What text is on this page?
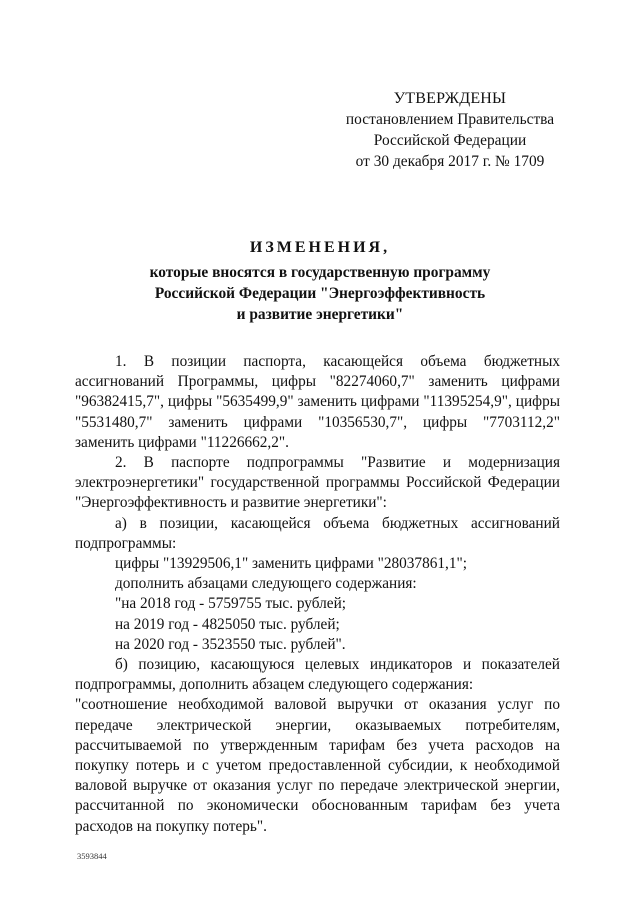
УТВЕРЖДЕНЫ
постановлением Правительства
Российской Федерации
от 30 декабря 2017 г. № 1709
ИЗМЕНЕНИЯ,
которые вносятся в государственную программу
Российской Федерации "Энергоэффективность
и развитие энергетики"

1. В позиции паспорта, касающейся объема бюджетных ассигнований Программы, цифры "82274060,7" заменить цифрами "96382415,7", цифры "5635499,9" заменить цифрами "11395254,9", цифры "5531480,7" заменить цифрами "10356530,7", цифры "7703112,2" заменить цифрами "11226662,2".

2. В паспорте подпрограммы "Развитие и модернизация электроэнергетики" государственной программы Российской Федерации "Энергоэффективность и развитие энергетики":

а) в позиции, касающейся объема бюджетных ассигнований подпрограммы:

цифры "13929506,1" заменить цифрами "28037861,1";

дополнить абзацами следующего содержания:

"на 2018 год - 5759755 тыс. рублей;

на 2019 год - 4825050 тыс. рублей;

на 2020 год - 3523550 тыс. рублей".

б) позицию, касающуюся целевых индикаторов и показателей подпрограммы, дополнить абзацем следующего содержания:

"соотношение необходимой валовой выручки от оказания услуг по передаче электрической энергии, оказываемых потребителям, рассчитываемой по утвержденным тарифам без учета расходов на покупку потерь и с учетом предоставленной субсидии, к необходимой валовой выручке от оказания услуг по передаче электрической энергии, рассчитанной по экономически обоснованным тарифам без учета расходов на покупку потерь".

3593844
